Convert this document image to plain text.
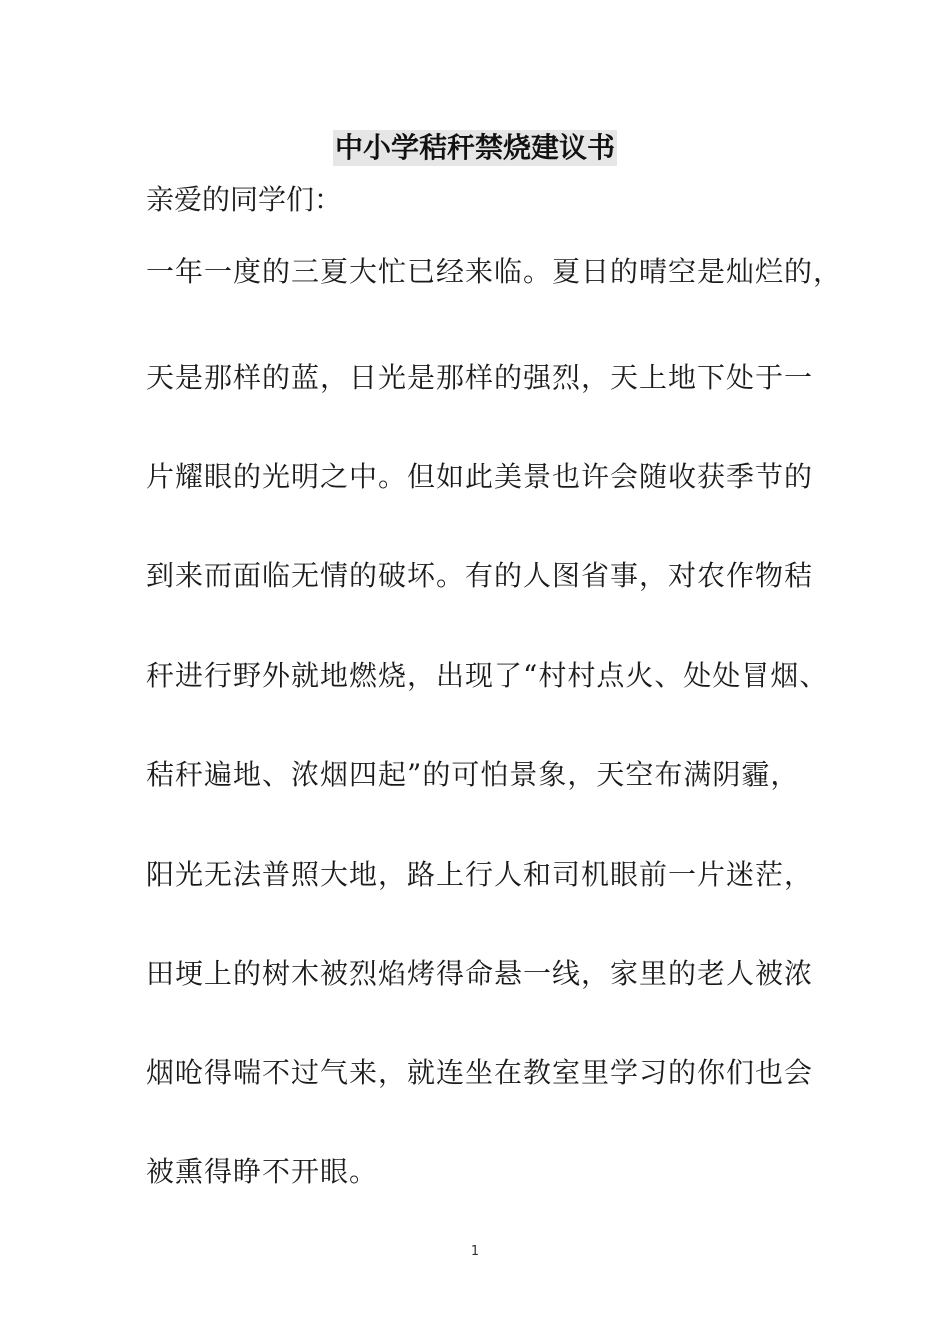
中小学秸秆禁烧建议书
亲爱的同学们：
一年一度的三夏大忙已经来临。夏日的晴空是灿烂的，
天是那样的蓝，日光是那样的强烈，天上地下处于一
片耀眼的光明之中。但如此美景也许会随收获季节的
到来而面临无情的破坏。有的人图省事，对农作物秸
秆进行野外就地燃烧，出现了“村村点火、处处冒烟、
秸秆遍地、浓烟四起”的可怕景象，天空布满阴霾，
阳光无法普照大地，路上行人和司机眼前一片迷茫，
田埂上的树木被烈焰烤得命悬一线，家里的老人被浓
烟呛得喘不过气来，就连坐在教室里学习的你们也会
被熏得睁不开眼。
1
